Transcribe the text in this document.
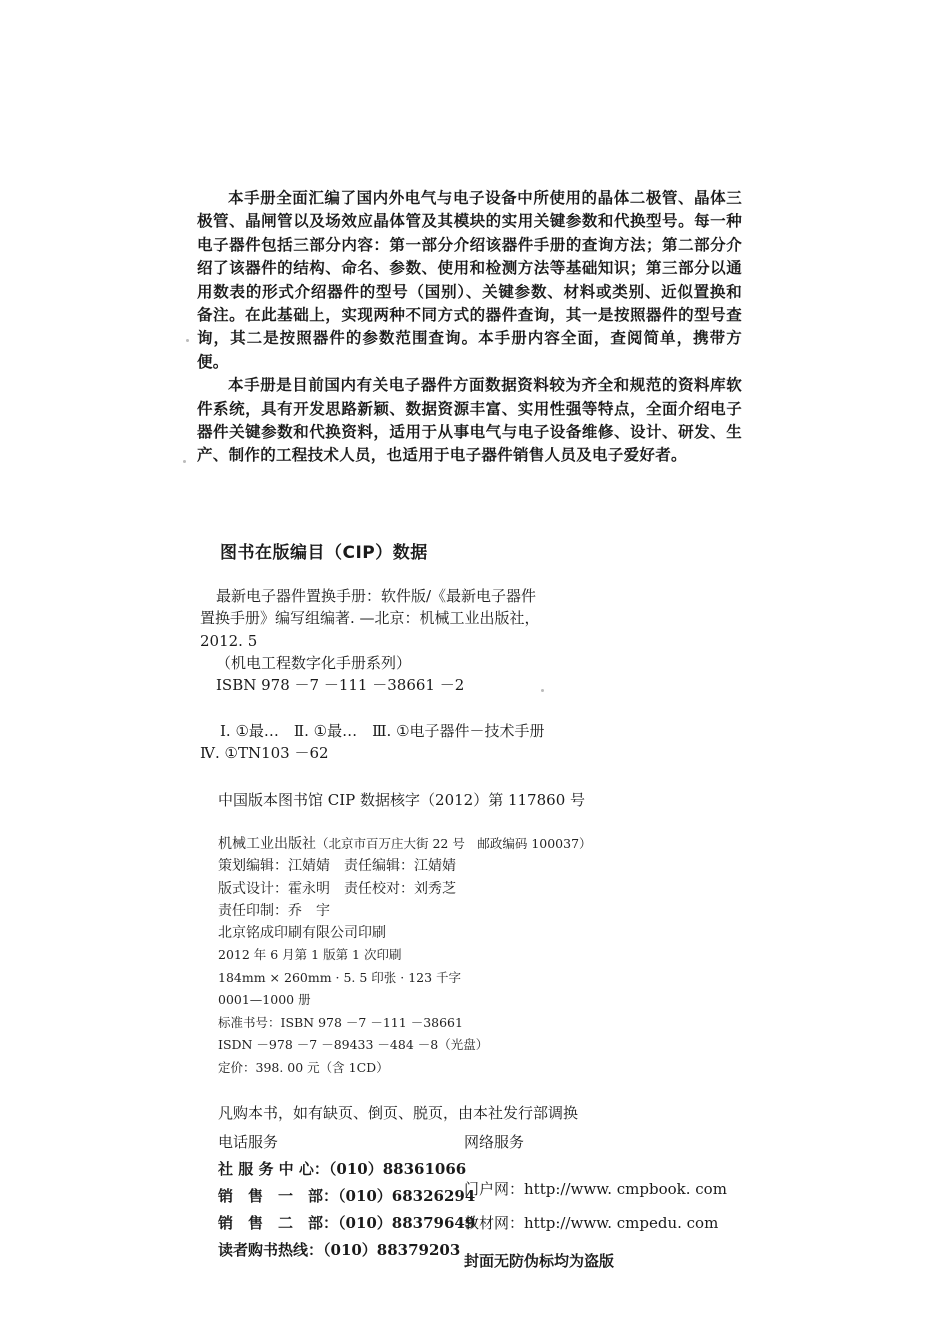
本手册全面汇编了国内外电气与电子设备中所使用的晶体二极管、晶体三极管、晶闸管以及场效应晶体管及其模块的实用关键参数和代换型号。每一种电子器件包括三部分内容：第一部分介绍该器件手册的查询方法；第二部分介绍了该器件的结构、命名、参数、使用和检测方法等基础知识；第三部分以通用数表的形式介绍器件的型号（国别）、关键参数、材料或类别、近似置换和备注。在此基础上，实现两种不同方式的器件查询，其一是按照器件的型号查询，其二是按照器件的参数范围查询。本手册内容全面，查阅简单，携带方便。

本手册是目前国内有关电子器件方面数据资料较为齐全和规范的资料库软件系统，具有开发思路新颖、数据资源丰富、实用性强等特点，全面介绍电子器件关键参数和代换资料，适用于从事电气与电子设备维修、设计、研发、生产、制作的工程技术人员，也适用于电子器件销售人员及电子爱好者。

图书在版编目（CIP）数据
最新电子器件置换手册：软件版/《最新电子器件
置换手册》编写组编著. —北京：机械工业出版社，
2012. 5
（机电工程数字化手册系列）
ISBN 978 －7 －111 －38661 －2
Ⅰ. ①最…　Ⅱ. ①最…　Ⅲ. ①电子器件－技术手册
Ⅳ. ①TN103 －62
中国版本图书馆 CIP 数据核字（2012）第 117860 号
机械工业出版社（北京市百万庄大街 22 号　邮政编码 100037）
策划编辑：江婧婧 责任编辑：江婧婧
版式设计：霍永明 责任校对：刘秀芝
责任印制：乔　宇
北京铭成印刷有限公司印刷
2012 年 6 月第 1 版第 1 次印刷
184mm × 260mm · 5. 5 印张 · 123 千字
0001—1000 册
标准书号：ISBN 978 －7 －111 －38661
ISDN －978 －7 －89433 －484 －8（光盘）
定价：398. 00 元（含 1CD）
凡购本书，如有缺页、倒页、脱页，由本社发行部调换
电话服务
社 服 务 中 心：（010）88361066
销　售　一　部：（010）68326294
销　售　二　部：（010）88379649
读者购书热线：（010）88379203
网络服务
门户网：http://www. cmpbook. com
教材网：http://www. cmpedu. com
封面无防伪标均为盗版
